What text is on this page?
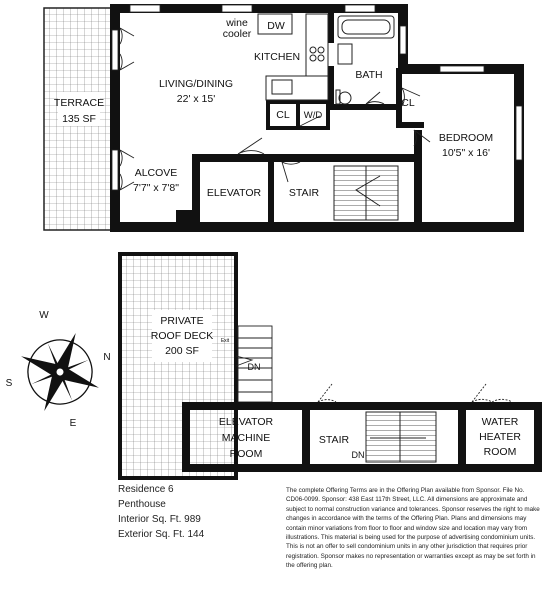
TERRACE
135 SF
LIVING/DINING
22' x 15'
wine
cooler
DW
KITCHEN
BATH
CL W/D
CL
BEDROOM
10'5" x 16'
ALCOVE
7'7" x 7'8"	ELEVATOR	STAIR
PRIVATE
ROOF DECK
200 SF
Exit
DN
ELEVATOR
MACHINE
ROOM
STAIR
DN
WATER
HEATER
ROOM
N
S
E
W
Residence 6
Penthouse
Interior Sq. Ft. 989
Exterior Sq. Ft. 144
The complete Offering Terms are in the Offering Plan available from Sponsor. File No. CD06-0099. Sponsor: 438 East 117th Street, LLC. All dimensions are approximate and subject to normal construction variance and tolerances. Sponsor reserves the right to make changes in accordance with the terms of the Offering Plan. Plans and dimensions may contain minor variations from floor to floor and window size and location may vary from illustrations. This material is being used for the purpose of advertising condominium units. This is not an offer to sell condominium units in any other jurisdiction that requires prior registration. Sponsor makes no representation or warranties except as may be set forth in the offering plan.
